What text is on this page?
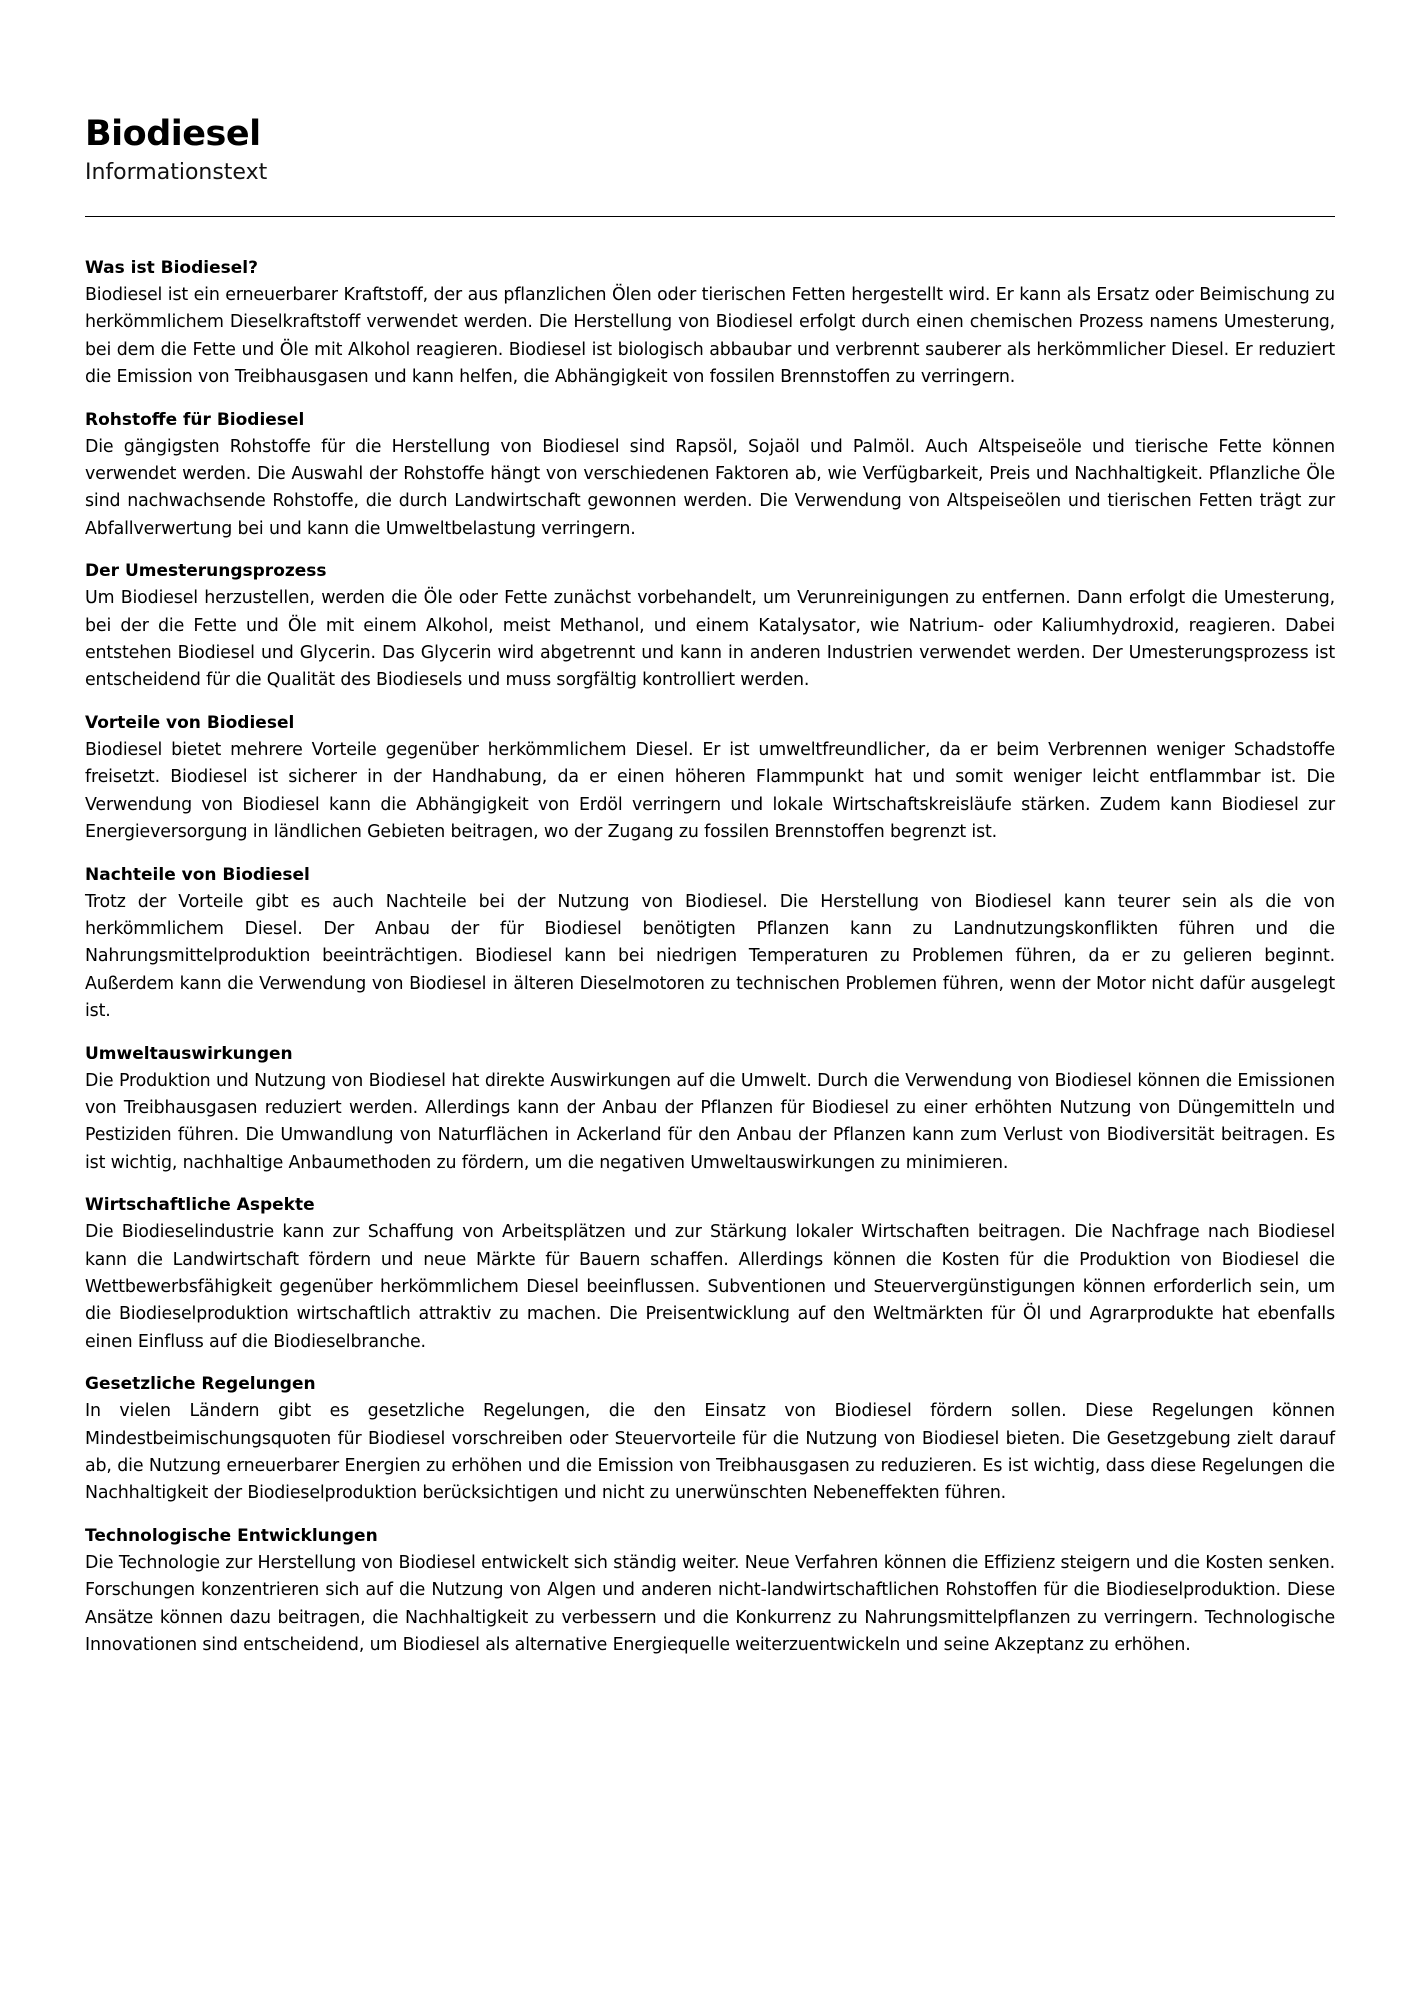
Biodiesel
Informationstext
Was ist Biodiesel?

Biodiesel ist ein erneuerbarer Kraftstoff, der aus pflanzlichen Ölen oder tierischen Fetten hergestellt wird. Er kann als Ersatz oder Beimischung zu herkömmlichem Dieselkraftstoff verwendet werden. Die Herstellung von Biodiesel erfolgt durch einen chemischen Prozess namens Umesterung, bei dem die Fette und Öle mit Alkohol reagieren. Biodiesel ist biologisch abbaubar und verbrennt sauberer als herkömmlicher Diesel. Er reduziert die Emission von Treibhausgasen und kann helfen, die Abhängigkeit von fossilen Brennstoffen zu verringern.

Rohstoffe für Biodiesel

Die gängigsten Rohstoffe für die Herstellung von Biodiesel sind Rapsöl, Sojaöl und Palmöl. Auch Altspeiseöle und tierische Fette können verwendet werden. Die Auswahl der Rohstoffe hängt von verschiedenen Faktoren ab, wie Verfügbarkeit, Preis und Nachhaltigkeit. Pflanzliche Öle sind nachwachsende Rohstoffe, die durch Landwirtschaft gewonnen werden. Die Verwendung von Altspeiseölen und tierischen Fetten trägt zur Abfallverwertung bei und kann die Umweltbelastung verringern.

Der Umesterungsprozess

Um Biodiesel herzustellen, werden die Öle oder Fette zunächst vorbehandelt, um Verunreinigungen zu entfernen. Dann erfolgt die Umesterung, bei der die Fette und Öle mit einem Alkohol, meist Methanol, und einem Katalysator, wie Natrium- oder Kaliumhydroxid, reagieren. Dabei entstehen Biodiesel und Glycerin. Das Glycerin wird abgetrennt und kann in anderen Industrien verwendet werden. Der Umesterungsprozess ist entscheidend für die Qualität des Biodiesels und muss sorgfältig kontrolliert werden.

Vorteile von Biodiesel

Biodiesel bietet mehrere Vorteile gegenüber herkömmlichem Diesel. Er ist umweltfreundlicher, da er beim Verbrennen weniger Schadstoffe freisetzt. Biodiesel ist sicherer in der Handhabung, da er einen höheren Flammpunkt hat und somit weniger leicht entflammbar ist. Die Verwendung von Biodiesel kann die Abhängigkeit von Erdöl verringern und lokale Wirtschaftskreisläufe stärken. Zudem kann Biodiesel zur Energieversorgung in ländlichen Gebieten beitragen, wo der Zugang zu fossilen Brennstoffen begrenzt ist.

Nachteile von Biodiesel

Trotz der Vorteile gibt es auch Nachteile bei der Nutzung von Biodiesel. Die Herstellung von Biodiesel kann teurer sein als die von herkömmlichem Diesel. Der Anbau der für Biodiesel benötigten Pflanzen kann zu Landnutzungskonflikten führen und die Nahrungsmittelproduktion beeinträchtigen. Biodiesel kann bei niedrigen Temperaturen zu Problemen führen, da er zu gelieren beginnt. Außerdem kann die Verwendung von Biodiesel in älteren Dieselmotoren zu technischen Problemen führen, wenn der Motor nicht dafür ausgelegt ist.

Umweltauswirkungen

Die Produktion und Nutzung von Biodiesel hat direkte Auswirkungen auf die Umwelt. Durch die Verwendung von Biodiesel können die Emissionen von Treibhausgasen reduziert werden. Allerdings kann der Anbau der Pflanzen für Biodiesel zu einer erhöhten Nutzung von Düngemitteln und Pestiziden führen. Die Umwandlung von Naturflächen in Ackerland für den Anbau der Pflanzen kann zum Verlust von Biodiversität beitragen. Es ist wichtig, nachhaltige Anbaumethoden zu fördern, um die negativen Umweltauswirkungen zu minimieren.

Wirtschaftliche Aspekte

Die Biodieselindustrie kann zur Schaffung von Arbeitsplätzen und zur Stärkung lokaler Wirtschaften beitragen. Die Nachfrage nach Biodiesel kann die Landwirtschaft fördern und neue Märkte für Bauern schaffen. Allerdings können die Kosten für die Produktion von Biodiesel die Wettbewerbsfähigkeit gegenüber herkömmlichem Diesel beeinflussen. Subventionen und Steuervergünstigungen können erforderlich sein, um die Biodieselproduktion wirtschaftlich attraktiv zu machen. Die Preisentwicklung auf den Weltmärkten für Öl und Agrarprodukte hat ebenfalls einen Einfluss auf die Biodieselbranche.

Gesetzliche Regelungen

In vielen Ländern gibt es gesetzliche Regelungen, die den Einsatz von Biodiesel fördern sollen. Diese Regelungen können Mindestbeimischungsquoten für Biodiesel vorschreiben oder Steuervorteile für die Nutzung von Biodiesel bieten. Die Gesetzgebung zielt darauf ab, die Nutzung erneuerbarer Energien zu erhöhen und die Emission von Treibhausgasen zu reduzieren. Es ist wichtig, dass diese Regelungen die Nachhaltigkeit der Biodieselproduktion berücksichtigen und nicht zu unerwünschten Nebeneffekten führen.

Technologische Entwicklungen

Die Technologie zur Herstellung von Biodiesel entwickelt sich ständig weiter. Neue Verfahren können die Effizienz steigern und die Kosten senken. Forschungen konzentrieren sich auf die Nutzung von Algen und anderen nicht-landwirtschaftlichen Rohstoffen für die Biodieselproduktion. Diese Ansätze können dazu beitragen, die Nachhaltigkeit zu verbessern und die Konkurrenz zu Nahrungsmittelpflanzen zu verringern. Technologische Innovationen sind entscheidend, um Biodiesel als alternative Energiequelle weiterzuentwickeln und seine Akzeptanz zu erhöhen.
